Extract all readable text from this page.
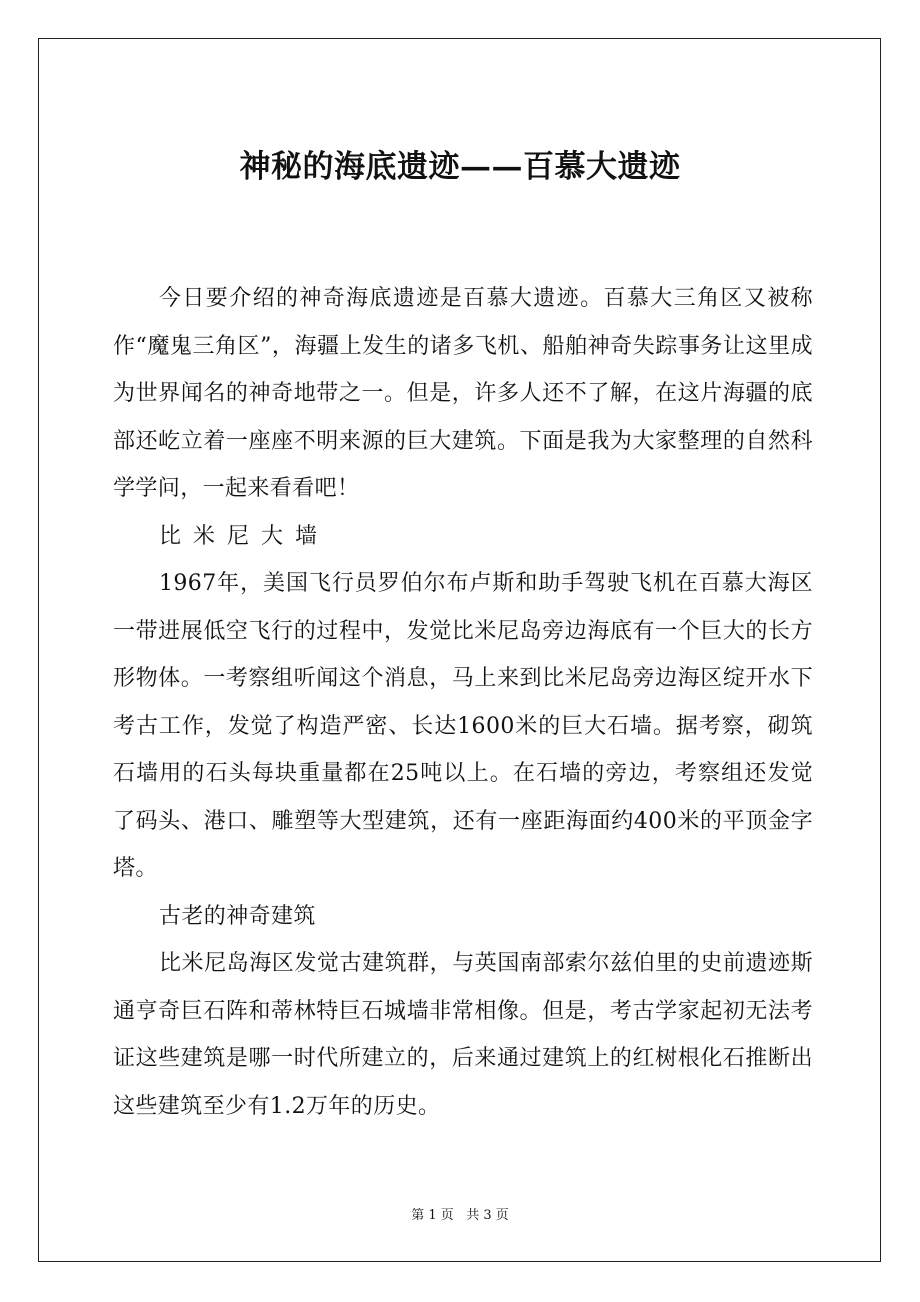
神秘的海底遗迹——百慕大遗迹

今日要介绍的神奇海底遗迹是百慕大遗迹。百慕大三角区又被称作“魔鬼三角区”，海疆上发生的诸多飞机、船舶神奇失踪事务让这里成为世界闻名的神奇地带之一。但是，许多人还不了解，在这片海疆的底部还屹立着一座座不明来源的巨大建筑。下面是我为大家整理的自然科学学问，一起来看看吧！

比米尼大墙

1967年，美国飞行员罗伯尔布卢斯和助手驾驶飞机在百慕大海区一带进展低空飞行的过程中，发觉比米尼岛旁边海底有一个巨大的长方形物体。一考察组听闻这个消息，马上来到比米尼岛旁边海区绽开水下考古工作，发觉了构造严密、长达1600米的巨大石墙。据考察，砌筑石墙用的石头每块重量都在25吨以上。在石墙的旁边，考察组还发觉了码头、港口、雕塑等大型建筑，还有一座距海面约400米的平顶金字塔。

古老的神奇建筑

比米尼岛海区发觉古建筑群，与英国南部索尔兹伯里的史前遗迹斯通亨奇巨石阵和蒂林特巨石城墙非常相像。但是，考古学家起初无法考证这些建筑是哪一时代所建立的，后来通过建筑上的红树根化石推断出这些建筑至少有1.2万年的历史。

第 1 页   共 3 页
